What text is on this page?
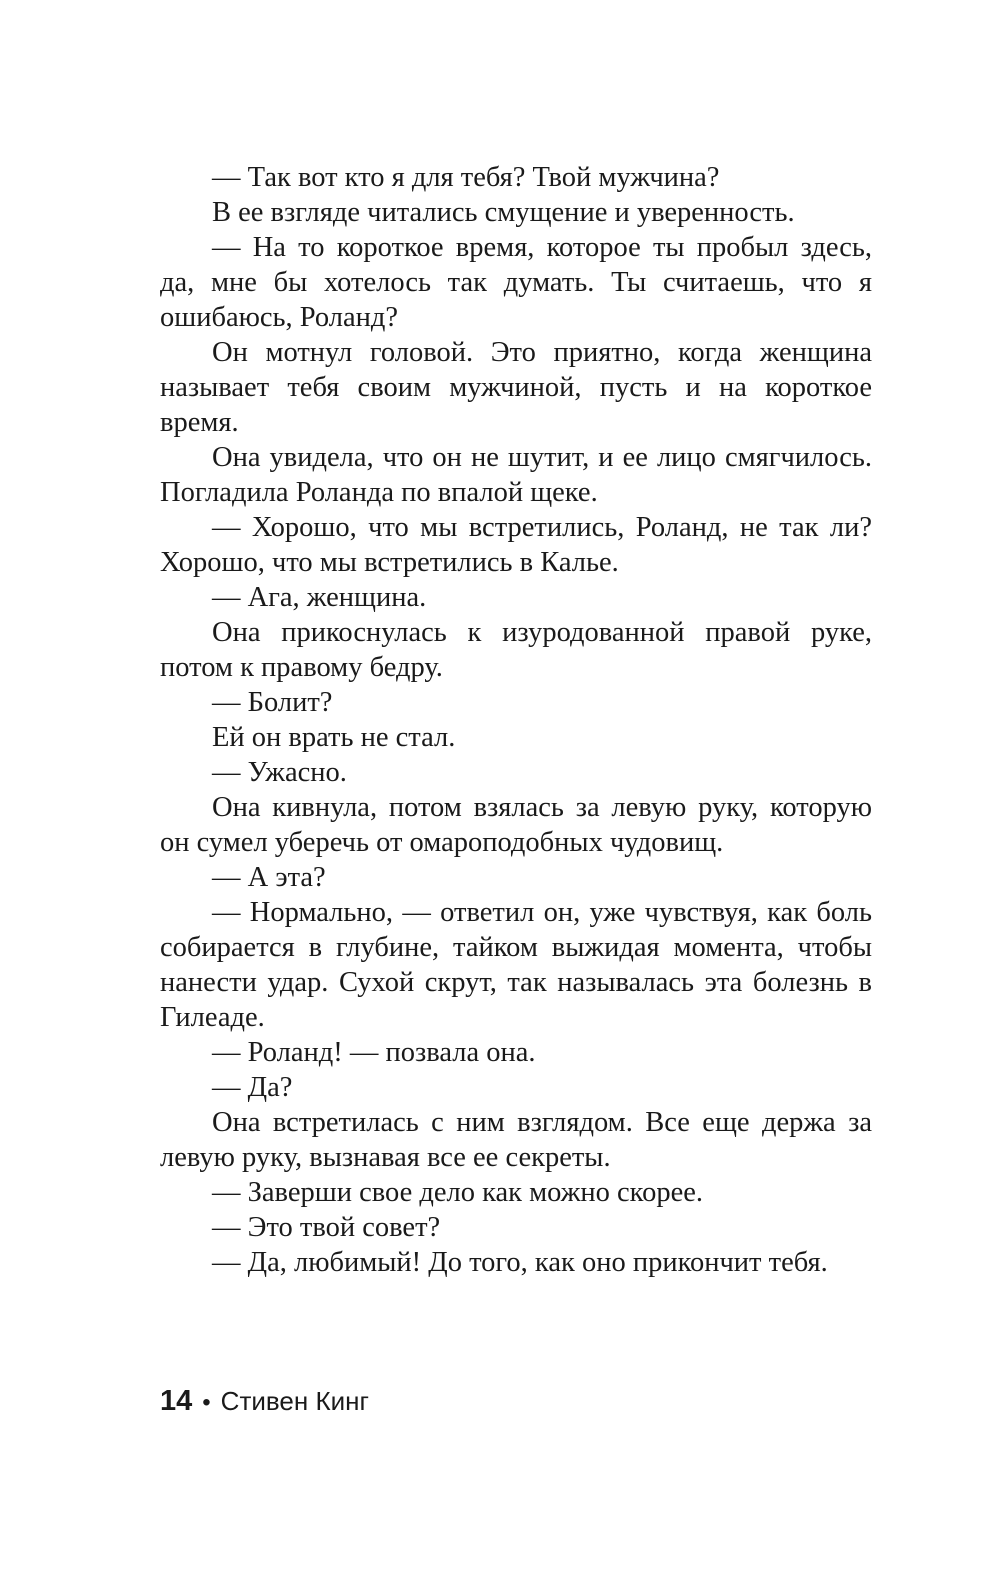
— Так вот кто я для тебя? Твой мужчина?

В ее взгляде читались смущение и уверенность.

— На то короткое время, которое ты пробыл здесь, да, мне бы хотелось так думать. Ты считаешь, что я ошибаюсь, Роланд?

Он мотнул головой. Это приятно, когда женщина называет тебя своим мужчиной, пусть и на короткое время.

Она увидела, что он не шутит, и ее лицо смягчилось. Погладила Роланда по впалой щеке.

— Хорошо, что мы встретились, Роланд, не так ли? Хорошо, что мы встретились в Калье.

— Ага, женщина.

Она прикоснулась к изуродованной правой руке, потом к правому бедру.

— Болит?

Ей он врать не стал.

— Ужасно.

Она кивнула, потом взялась за левую руку, которую он сумел уберечь от омароподобных чудовищ.

— А эта?

— Нормально, — ответил он, уже чувствуя, как боль собирается в глубине, тайком выжидая момента, чтобы нанести удар. Сухой скрут, так называлась эта болезнь в Гилеаде.

— Роланд! — позвала она.

— Да?

Она встретилась с ним взглядом. Все еще держа за левую руку, вызнавая все ее секреты.

— Заверши свое дело как можно скорее.

— Это твой совет?

— Да, любимый! До того, как оно прикончит тебя.

14 • Стивен Кинг
